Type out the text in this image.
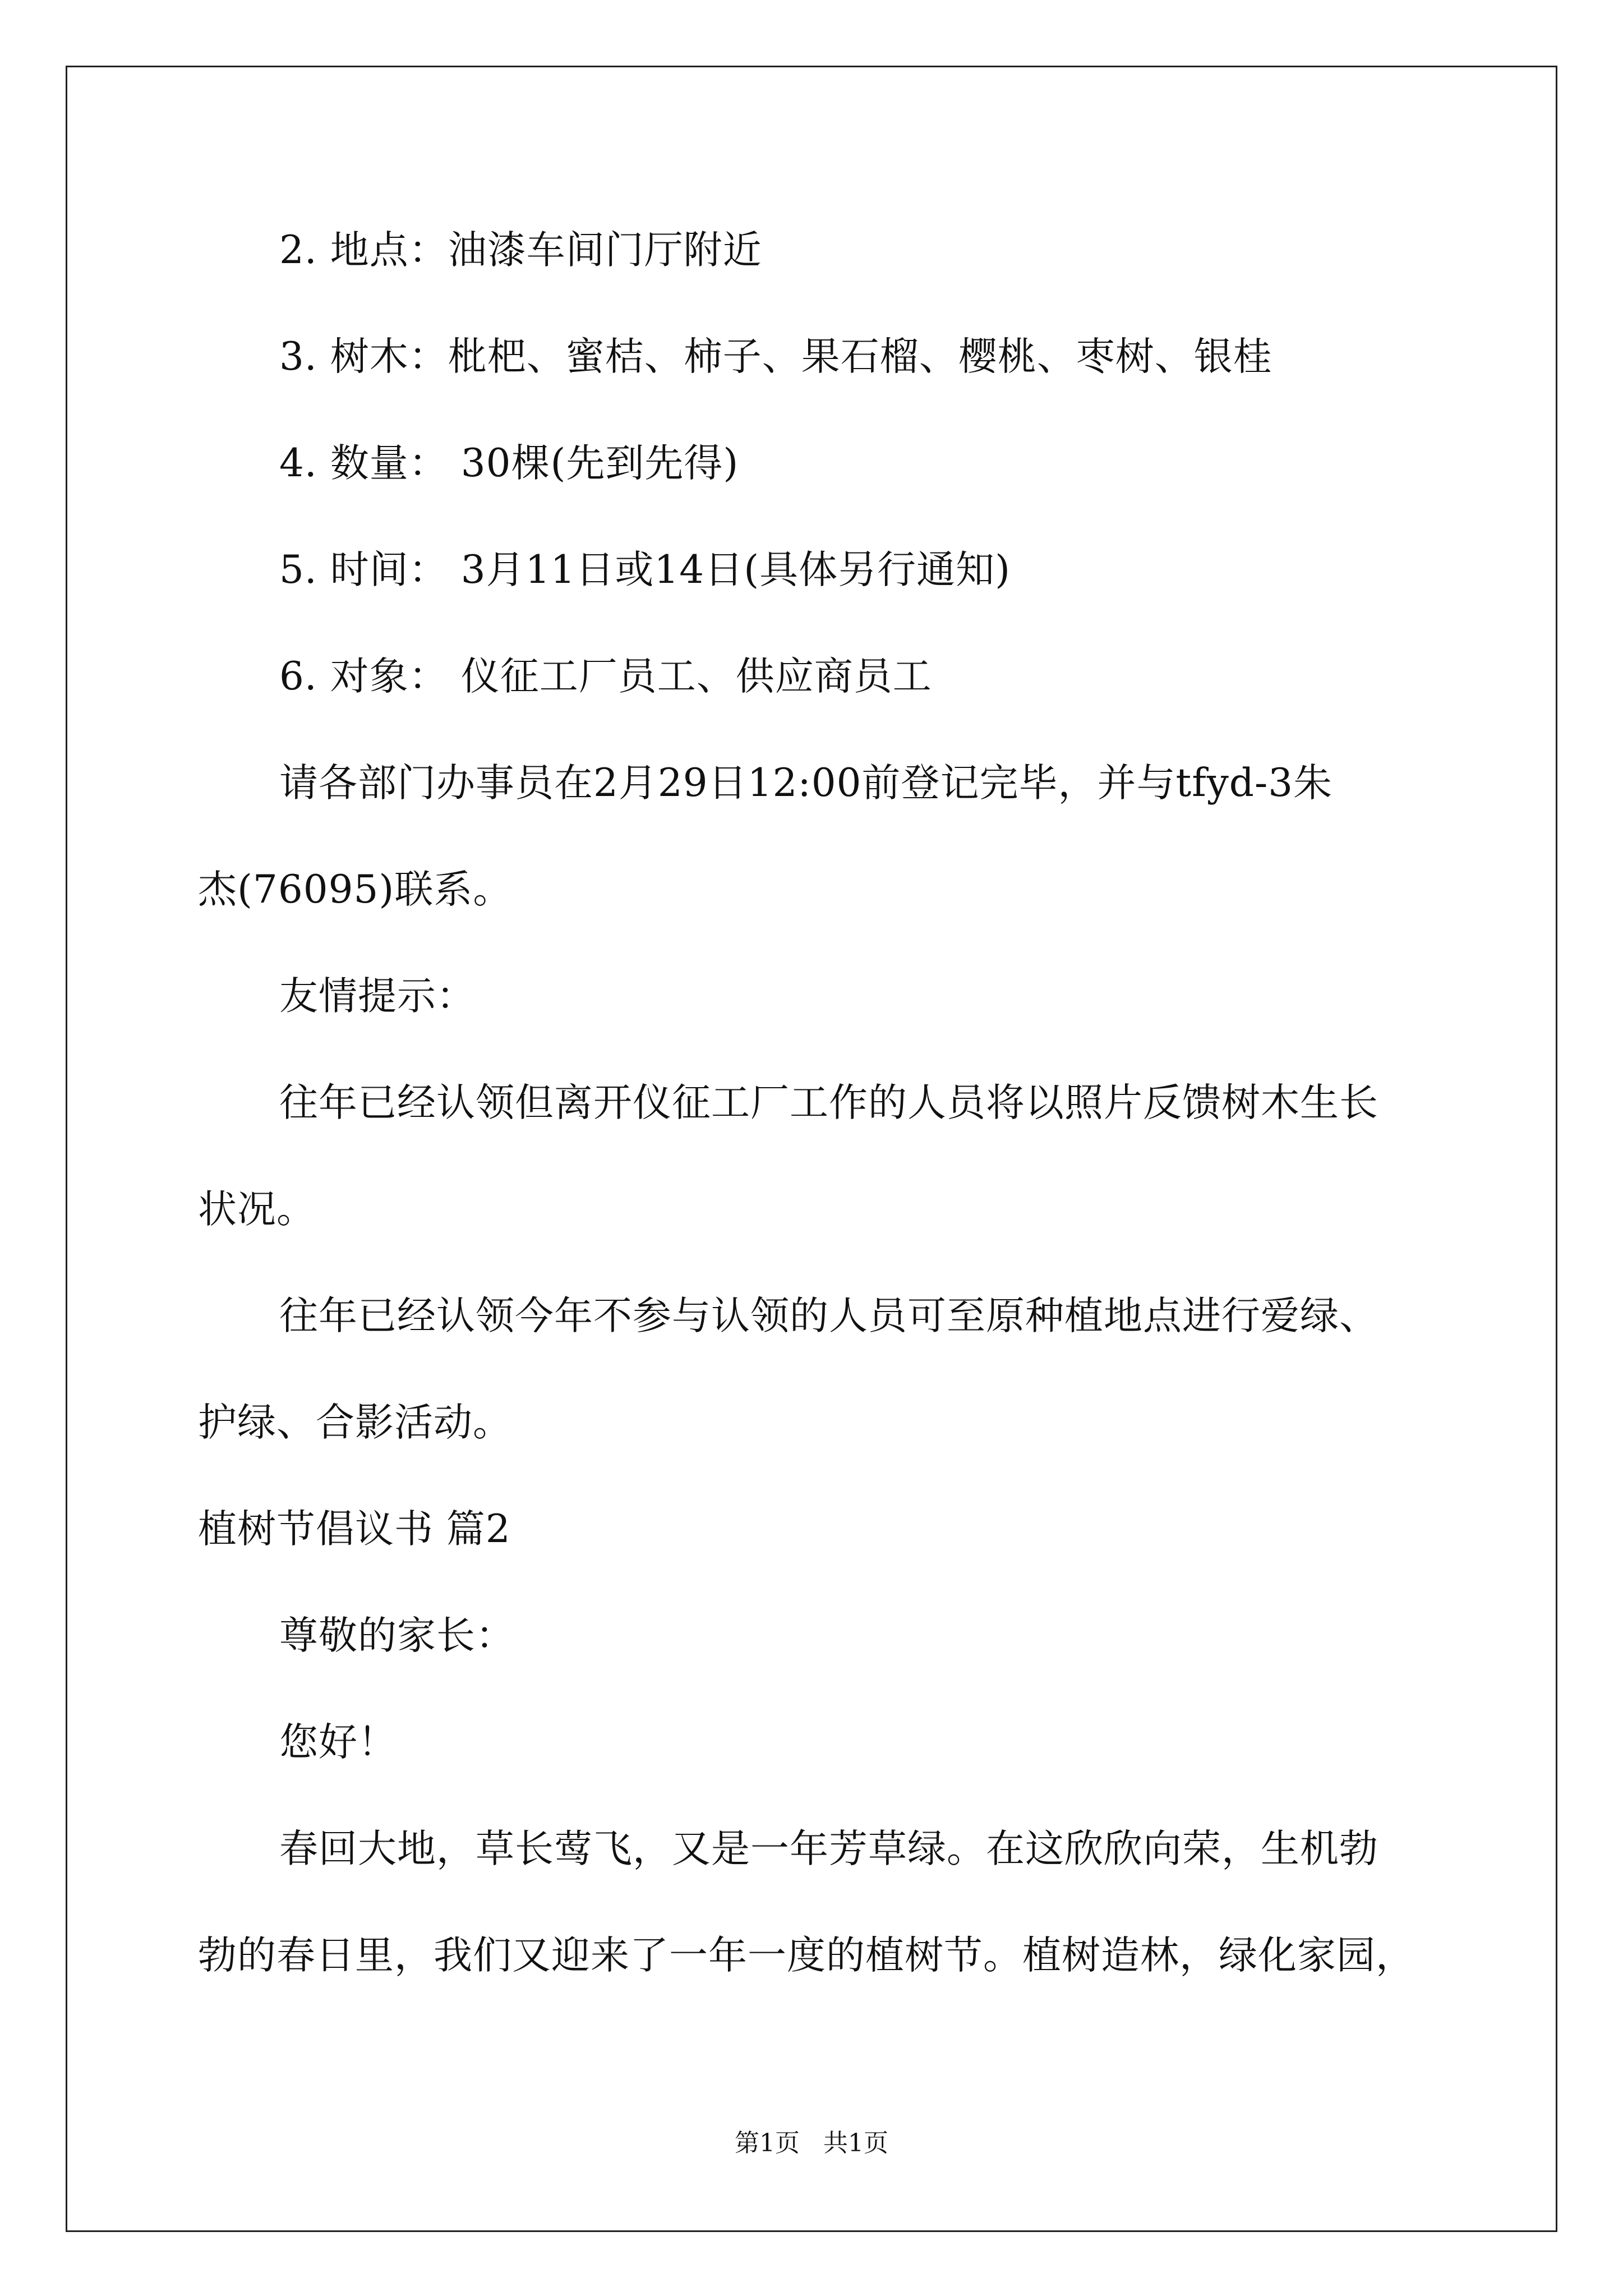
2. 地点：油漆车间门厅附近
3. 树木：枇杷、蜜桔、柿子、果石榴、樱桃、枣树、银桂
4. 数量： 30棵(先到先得)
5. 时间： 3月11日或14日(具体另行通知)
6. 对象： 仪征工厂员工、供应商员工
请各部门办事员在2月29日12:00前登记完毕，并与tfyd-3朱
杰(76095)联系。
友情提示：
往年已经认领但离开仪征工厂工作的人员将以照片反馈树木生长
状况。
往年已经认领今年不参与认领的人员可至原种植地点进行爱绿、
护绿、合影活动。
植树节倡议书 篇2
尊敬的家长：
您好！
春回大地，草长莺飞，又是一年芳草绿。在这欣欣向荣，生机勃
勃的春日里，我们又迎来了一年一度的植树节。植树造林，绿化家园，
第1页   共1页
